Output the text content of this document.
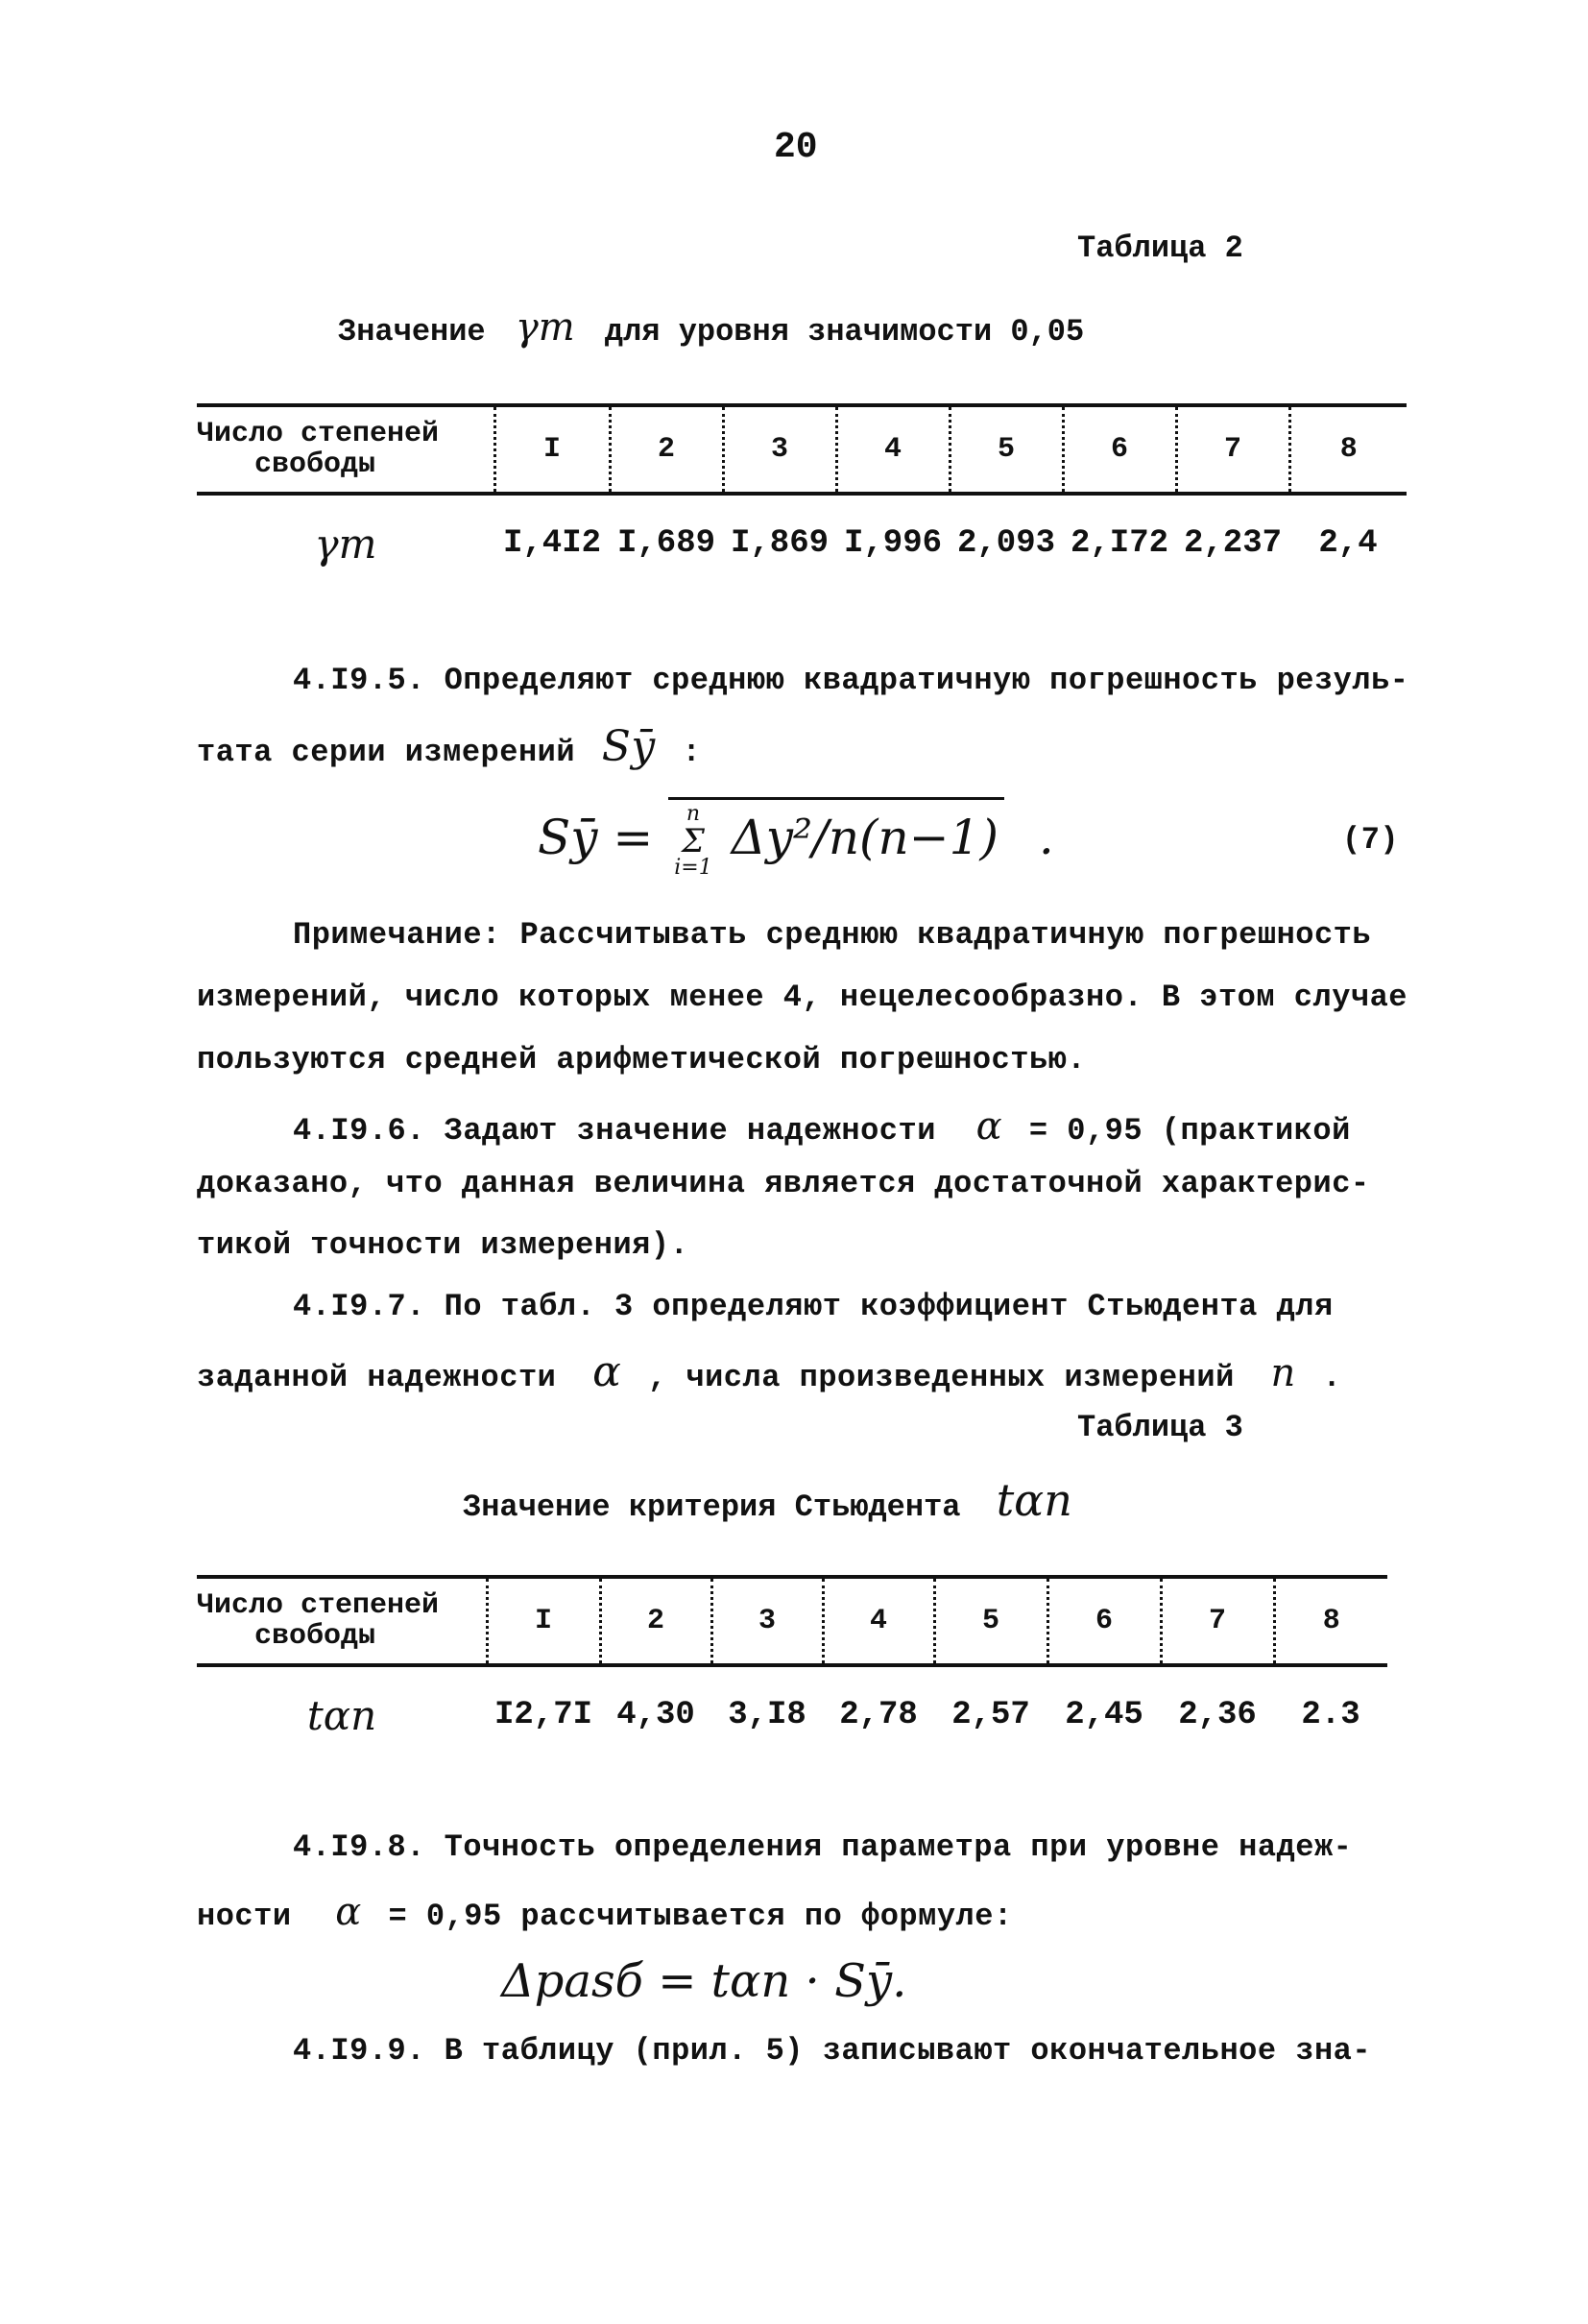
20
Таблица 2
Значение γт для уровня значимости 0,05
Число степеней
свободы	I	2	3	4	5	6	7	8
γт	I,4I2	I,689	I,869	I,996	2,093	2,I72	2,237	2,4
4.I9.5. Определяют среднюю квадратичную погрешность резуль-
тата серии измерений Sȳ :
Sȳ =	n
Σ
i=1
Δy²/n(n−1) .	(7)
Примечание: Рассчитывать среднюю квадратичную погрешность
измерений, число которых менее 4, нецелесообразно. В этом случае
пользуются средней арифметической погрешностью.
4.I9.6. Задают значение надежности α = 0,95 (практикой
доказано, что данная величина является достаточной характерис-
тикой точности измерения).
4.I9.7. По табл. 3 определяют коэффициент Стьюдента для
заданной надежности α , числа произведенных измерений n .
Таблица 3
Значение критерия Стьюдента tαn
Число степеней
свободы	I	2	3	4	5	6	7	8
tαn	I2,7I	4,30	3,I8	2,78	2,57	2,45	2,36	2.3
4.I9.8. Точность определения параметра при уровне надеж-
ности α = 0,95 рассчитывается по формуле:
Δраsб = tαn · Sȳ.
4.I9.9. В таблицу (прил. 5) записывают окончательное зна-
